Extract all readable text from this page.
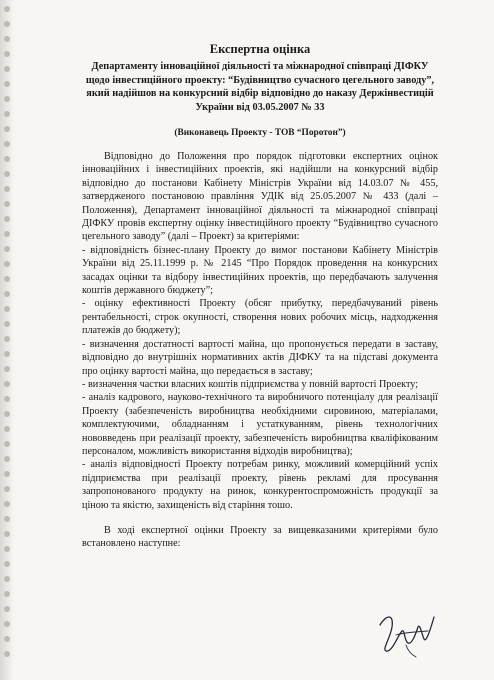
Експертна оцінка
Департаменту інноваційної діяльності та міжнародної співпраці ДІФКУ щодо інвестиційного проекту: “Будівництво сучасного цегельного заводу”, який надійшов на конкурсний відбір відповідно до наказу Держінвестицій України від 03.05.2007 № 33
(Виконавець Проекту - ТОВ “Поротон”)

Відповідно до Положення про порядок підготовки експертних оцінок інноваційних і інвестиційних проектів, які надійшли на конкурсний відбір відповідно до постанови Кабінету Міністрів України від 14.03.07 № 455, затвердженого постановою правління УДІК від 25.05.2007 № 433 (далі – Положення), Департамент інноваційної діяльності та міжнародної співпраці ДІФКУ провів експертну оцінку інвестиційного проекту “Будівництво сучасного цегельного заводу” (далі – Проект) за критеріями:

- відповідність бізнес-плану Проекту до вимог постанови Кабінету Міністрів України від 25.11.1999 р. № 2145 “Про Порядок проведення на конкурсних засадах оцінки та відбору інвестиційних проектів, що передбачають залучення коштів державного бюджету”;

- оцінку ефективності Проекту (обсяг прибутку, передбачуваний рівень рентабельності, строк окупності, створення нових робочих місць, надходження платежів до бюджету);

- визначення достатності вартості майна, що пропонується передати в заставу, відповідно до внутрішніх нормативних актів ДІФКУ та на підставі документа про оцінку вартості майна, що передається в заставу;

- визначення частки власних коштів підприємства у повній вартості Проекту;

- аналіз кадрового, науково-технічного та виробничого потенціалу для реалізації Проекту (забезпеченість виробництва необхідними сировиною, матеріалами, комплектуючими, обладнанням і устаткуванням, рівень технологічних нововведень при реалізації проекту, забезпеченість виробництва кваліфікованим персоналом, можливість використання відходів виробництва);

- аналіз відповідності Проекту потребам ринку, можливий комерційний успіх підприємства при реалізації проекту, рівень рекламі для просування запропонованого продукту на ринок, конкурентоспроможність продукції за ціною та якістю, захищеність від старіння тошо.

В ході експертної оцінки Проекту за вищевказаними критеріями було встановлено наступне:
